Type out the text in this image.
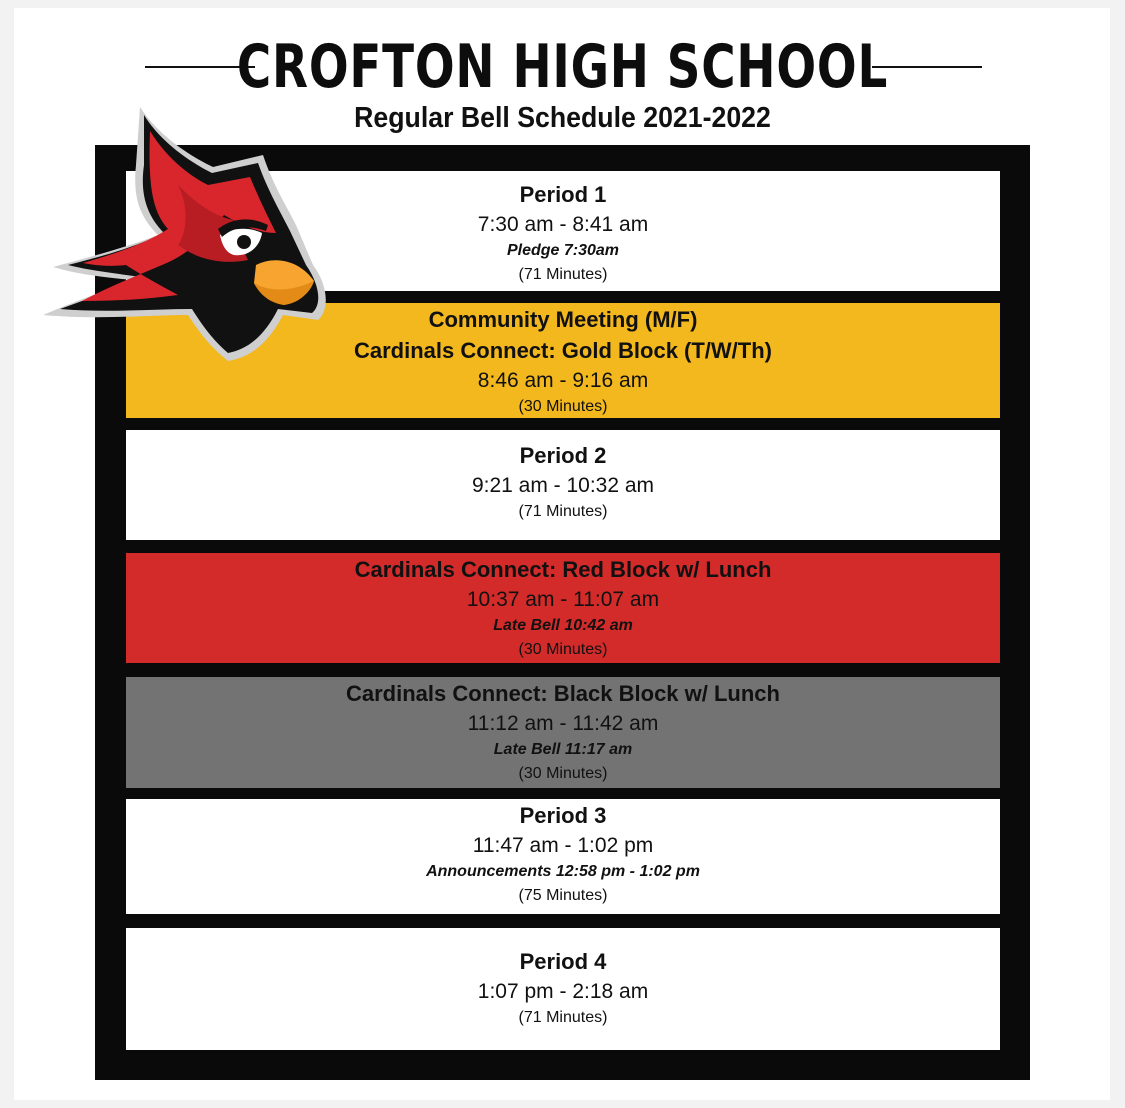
CROFTON HIGH SCHOOL
Regular Bell Schedule 2021-2022
Period 1
7:30 am - 8:41 am
Pledge 7:30am
(71 Minutes)
Community Meeting (M/F)
Cardinals Connect: Gold Block (T/W/Th)
8:46 am - 9:16 am
(30 Minutes)
Period 2
9:21 am - 10:32 am
(71 Minutes)
Cardinals Connect: Red Block w/ Lunch
10:37 am - 11:07 am
Late Bell 10:42 am
(30 Minutes)
Cardinals Connect: Black Block w/ Lunch
11:12 am - 11:42 am
Late Bell 11:17 am
(30 Minutes)
Period 3
11:47 am - 1:02 pm
Announcements 12:58 pm - 1:02 pm
(75 Minutes)
Period 4
1:07 pm - 2:18 am
(71 Minutes)
